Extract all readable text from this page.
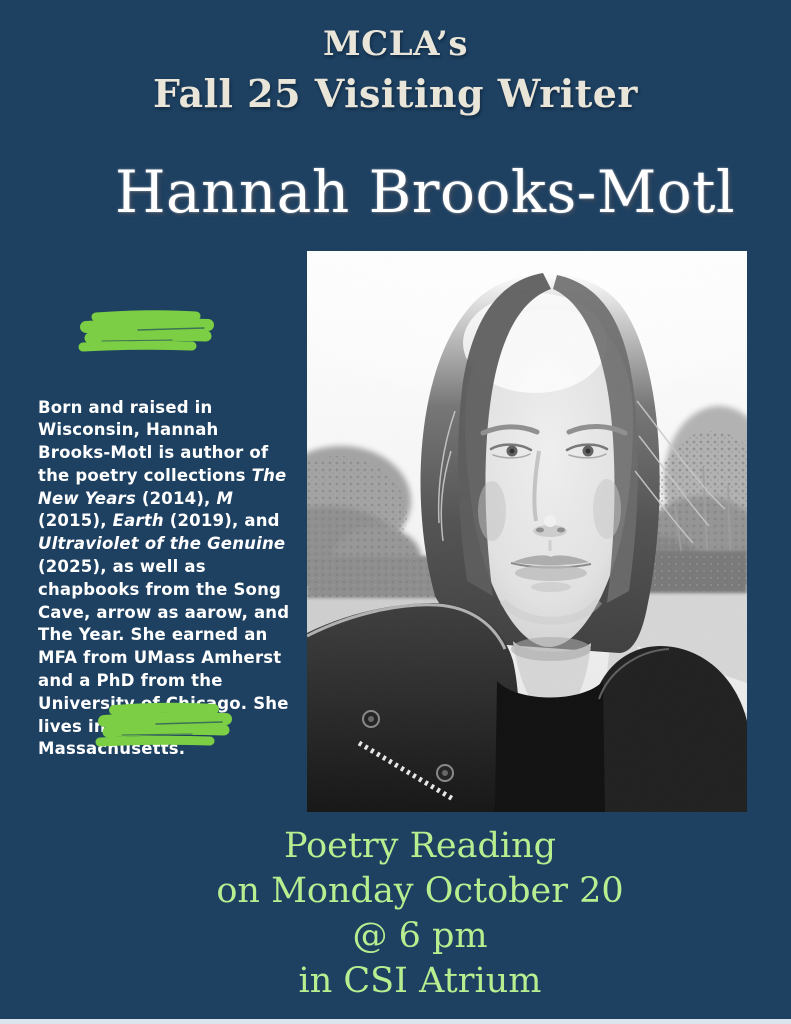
MCLA’s
Fall 25 Visiting Writer
Hannah Brooks-Motl

Born and raised in Wisconsin, Hannah Brooks-Motl is author of the poetry collections The New Years (2014), M (2015), Earth (2019), and Ultraviolet of the Genuine (2025), as well as chapbooks from the Song Cave, arrow as aarow, and The Year. She earned an MFA from UMass Amherst and a PhD from the University of Chicago. She lives in western Massachusetts.

Poetry Reading
on Monday October 20
@ 6 pm
in CSI Atrium
